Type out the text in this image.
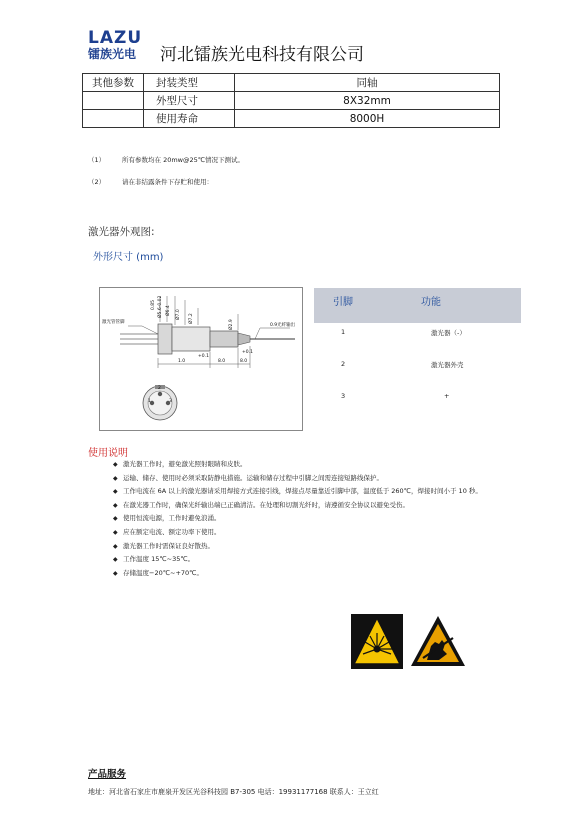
LAZU
镭族光电	河北镭族光电科技有限公司
其他参数	封装类型	同轴
	外型尺寸	8X32mm
	使用寿命	8000H
（1）	所有参数均在 20mw@25℃情况下测试。
（2）	请在非结露条件下存贮和使用：
激光器外观图:
外形尺寸 (mm)
激光管管脚
0.9光纤输出
0.85 Ø5.6-0.02 Ø6.4 Ø7.0 Ø7.2
Ø2.9
+0.1
1.0
+0.1
8.0	8.0
1
2
3
引脚	功能
1	激光器（-）
2	激光器外壳
3	+
使用说明
◆ 激光器工作时，避免激光照射眼睛和皮肤。
◆ 运输、储存、使用时必须采取防静电措施。运输和储存过程中引脚之间需连接短路线保护。
◆ 工作电流在 6A 以上的激光器请采用焊接方式连接引线，焊接点尽量靠近引脚中部，温度低于 260℃，焊接时间小于 10 秒。
◆ 在激光器工作时，确保光纤输出端已正确清洁。在处理和切割光纤时，请遵循安全协议以避免受伤。
◆ 使用恒流电源，工作时避免浪涌。
◆ 应在额定电流、额定功率下使用。
◆ 激光器工作时需保证良好散热。
◆ 工作温度 15℃~35℃。
◆ 存储温度−20℃~+70℃。
产品服务
地址：河北省石家庄市鹿泉开发区光谷科技园 B7-305 电话：19931177168 联系人：王立红
